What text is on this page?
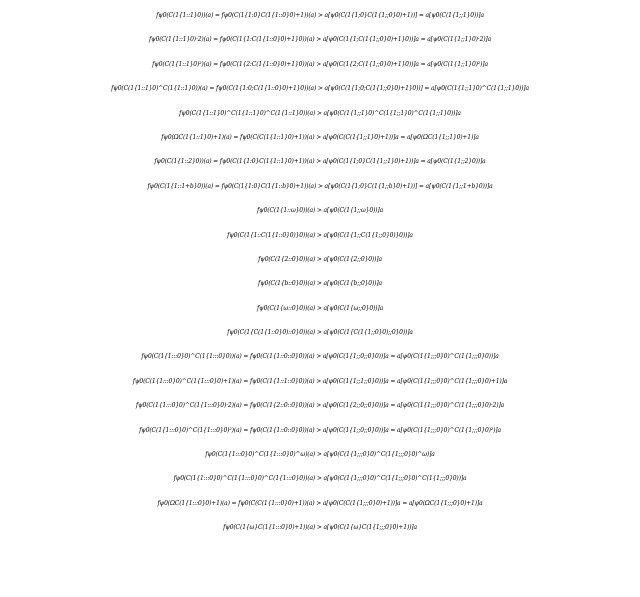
fψ0(C(1{1::1}0))(a) = fψ0(C(1{1:0}C(1{1::0}0)+1))(a) > a[ψ0(C(1{1;0}C(1{1;;0}0)+1))] = a[ψ0(C(1{1;;1}0))]a
fψ0(C(1{1::1}0)·2)(a) = fψ0(C(1{1:C(1{1::0}0)+1}0))(a) > a[ψ0(C(1{1;C(1{1;;0}0)+1}0))]a = a[ψ0(C(1{1;;1}0)·2)]a
fψ0(C(1{1::1}0)²)(a) = fψ0(C(1{2:C(1{1::0}0)+1}0))(a) > a[ψ0(C(1{2;C(1{1;;0}0)+1}0))]a = a[ψ0(C(1{1;;1}0)²)]a
fψ0(C(1{1::1}0)^C(1{1::1}0))(a) = fψ0(C(1{1:0;C(1{1::0}0)+1}0))(a) > a[ψ0(C(1{1;0;C(1{1;;0}0)+1}0))] = a[ψ0(C(1{1;;1}0)^C(1{1;;1}0))]a
fψ0(C(1{1::1}0)^C(1{1::1}0)^C(1{1::1}0))(a) > a[ψ0(C(1{1;;1}0)^C(1{1;;1}0)^C(1{1;;1}0))]a
fψ0(ΩC(1{1::1}0)+1)(a) = fψ0(C(C(1{1::1}0)+1))(a) > a[ψ0(C(C(1{1;;1}0)+1))]a = a[ψ0(ΩC(1{1;;1}0)+1)]a
fψ0(C(1{1::2}0))(a) = fψ0(C(1{1:0}C(1{1::1}0)+1))(a) > a[ψ0(C(1{1;0}C(1{1;;1}0)+1))]a = a[ψ0(C(1{1;;2}0))]a
fψ0(C(1{1::1+b}0))(a) = fψ0(C(1{1:0}C(1{1::b}0)+1))(a) > a[ψ0(C(1{1;0}C(1{1;;b}0)+1))] = a[ψ0(C(1{1;;1+b}0))]a
fψ0(C(1{1::ω}0))(a) > a[ψ0(C(1{1;;ω}0))]a
fψ0(C(1{1::C(1{1::0}0)}0))(a) > a[ψ0(C(1{1;;C(1{1;;0}0)}0))]a
fψ0(C(1{2::0}0))(a) > a[ψ0(C(1{2;;0}0))]a
fψ0(C(1{b::0}0))(a) > a[ψ0(C(1{b;;0}0))]a
fψ0(C(1{ω::0}0))(a) > a[ψ0(C(1{ω;;0}0))]a
fψ0(C(1{C(1{1::0}0)::0}0))(a) > a[ψ0(C(1{C(1{1;;0}0);;0}0))]a
fψ0(C(1{1:::0}0)^C(1{1:::0}0))(a) = fψ0(C(1{1::0::0}0))(a) > a[ψ0(C(1{1;;0;;0}0))]a = a[ψ0(C(1{1;;;0}0)^C(1{1;;;0}0))]a
fψ0(C(1{1:::0}0)^C(1{1:::0}0)+1)(a) = fψ0(C(1{1::1::0}0))(a) > a[ψ0(C(1{1;;1;;0}0))]a = a[ψ0(C(1{1;;;0}0)^C(1{1;;;0}0)+1)]a
fψ0(C(1{1:::0}0)^C(1{1:::0}0)·2)(a) = fψ0(C(1{2::0::0}0))(a) > a[ψ0(C(1{2;;0;;0}0))]a = a[ψ0(C(1{1;;;0}0)^C(1{1;;;0}0)·2)]a
fψ0(C(1{1:::0}0)^C(1{1:::0}0)²)(a) = fψ0(C(1{1::0::0}0))(a) > a[ψ0(C(1{1;;0;;0}0))]a = a[ψ0(C(1{1;;;0}0)^C(1{1;;;0}0)²)]a
fψ0(C(1{1:::0}0)^C(1{1:::0}0)^ω)(a) > a[ψ0(C(1{1;;;0}0)^C(1{1;;;0}0)^ω)]a
fψ0(C(1{1:::0}0)^C(1{1:::0}0)^C(1{1:::0}0))(a) > a[ψ0(C(1{1;;;0}0)^C(1{1;;;0}0)^C(1{1;;;0}0))]a
fψ0(ΩC(1{1:::0}0)+1)(a) = fψ0(C(C(1{1:::0}0)+1))(a) > a[ψ0(C(C(1{1;;;0}0)+1))]a = a[ψ0(ΩC(1{1;;;0}0)+1)]a
fψ0(C(1{ω}C(1{1:::0}0)+1))(a) > a[ψ0(C(1{ω}C(1{1;;;0}0)+1))]a
